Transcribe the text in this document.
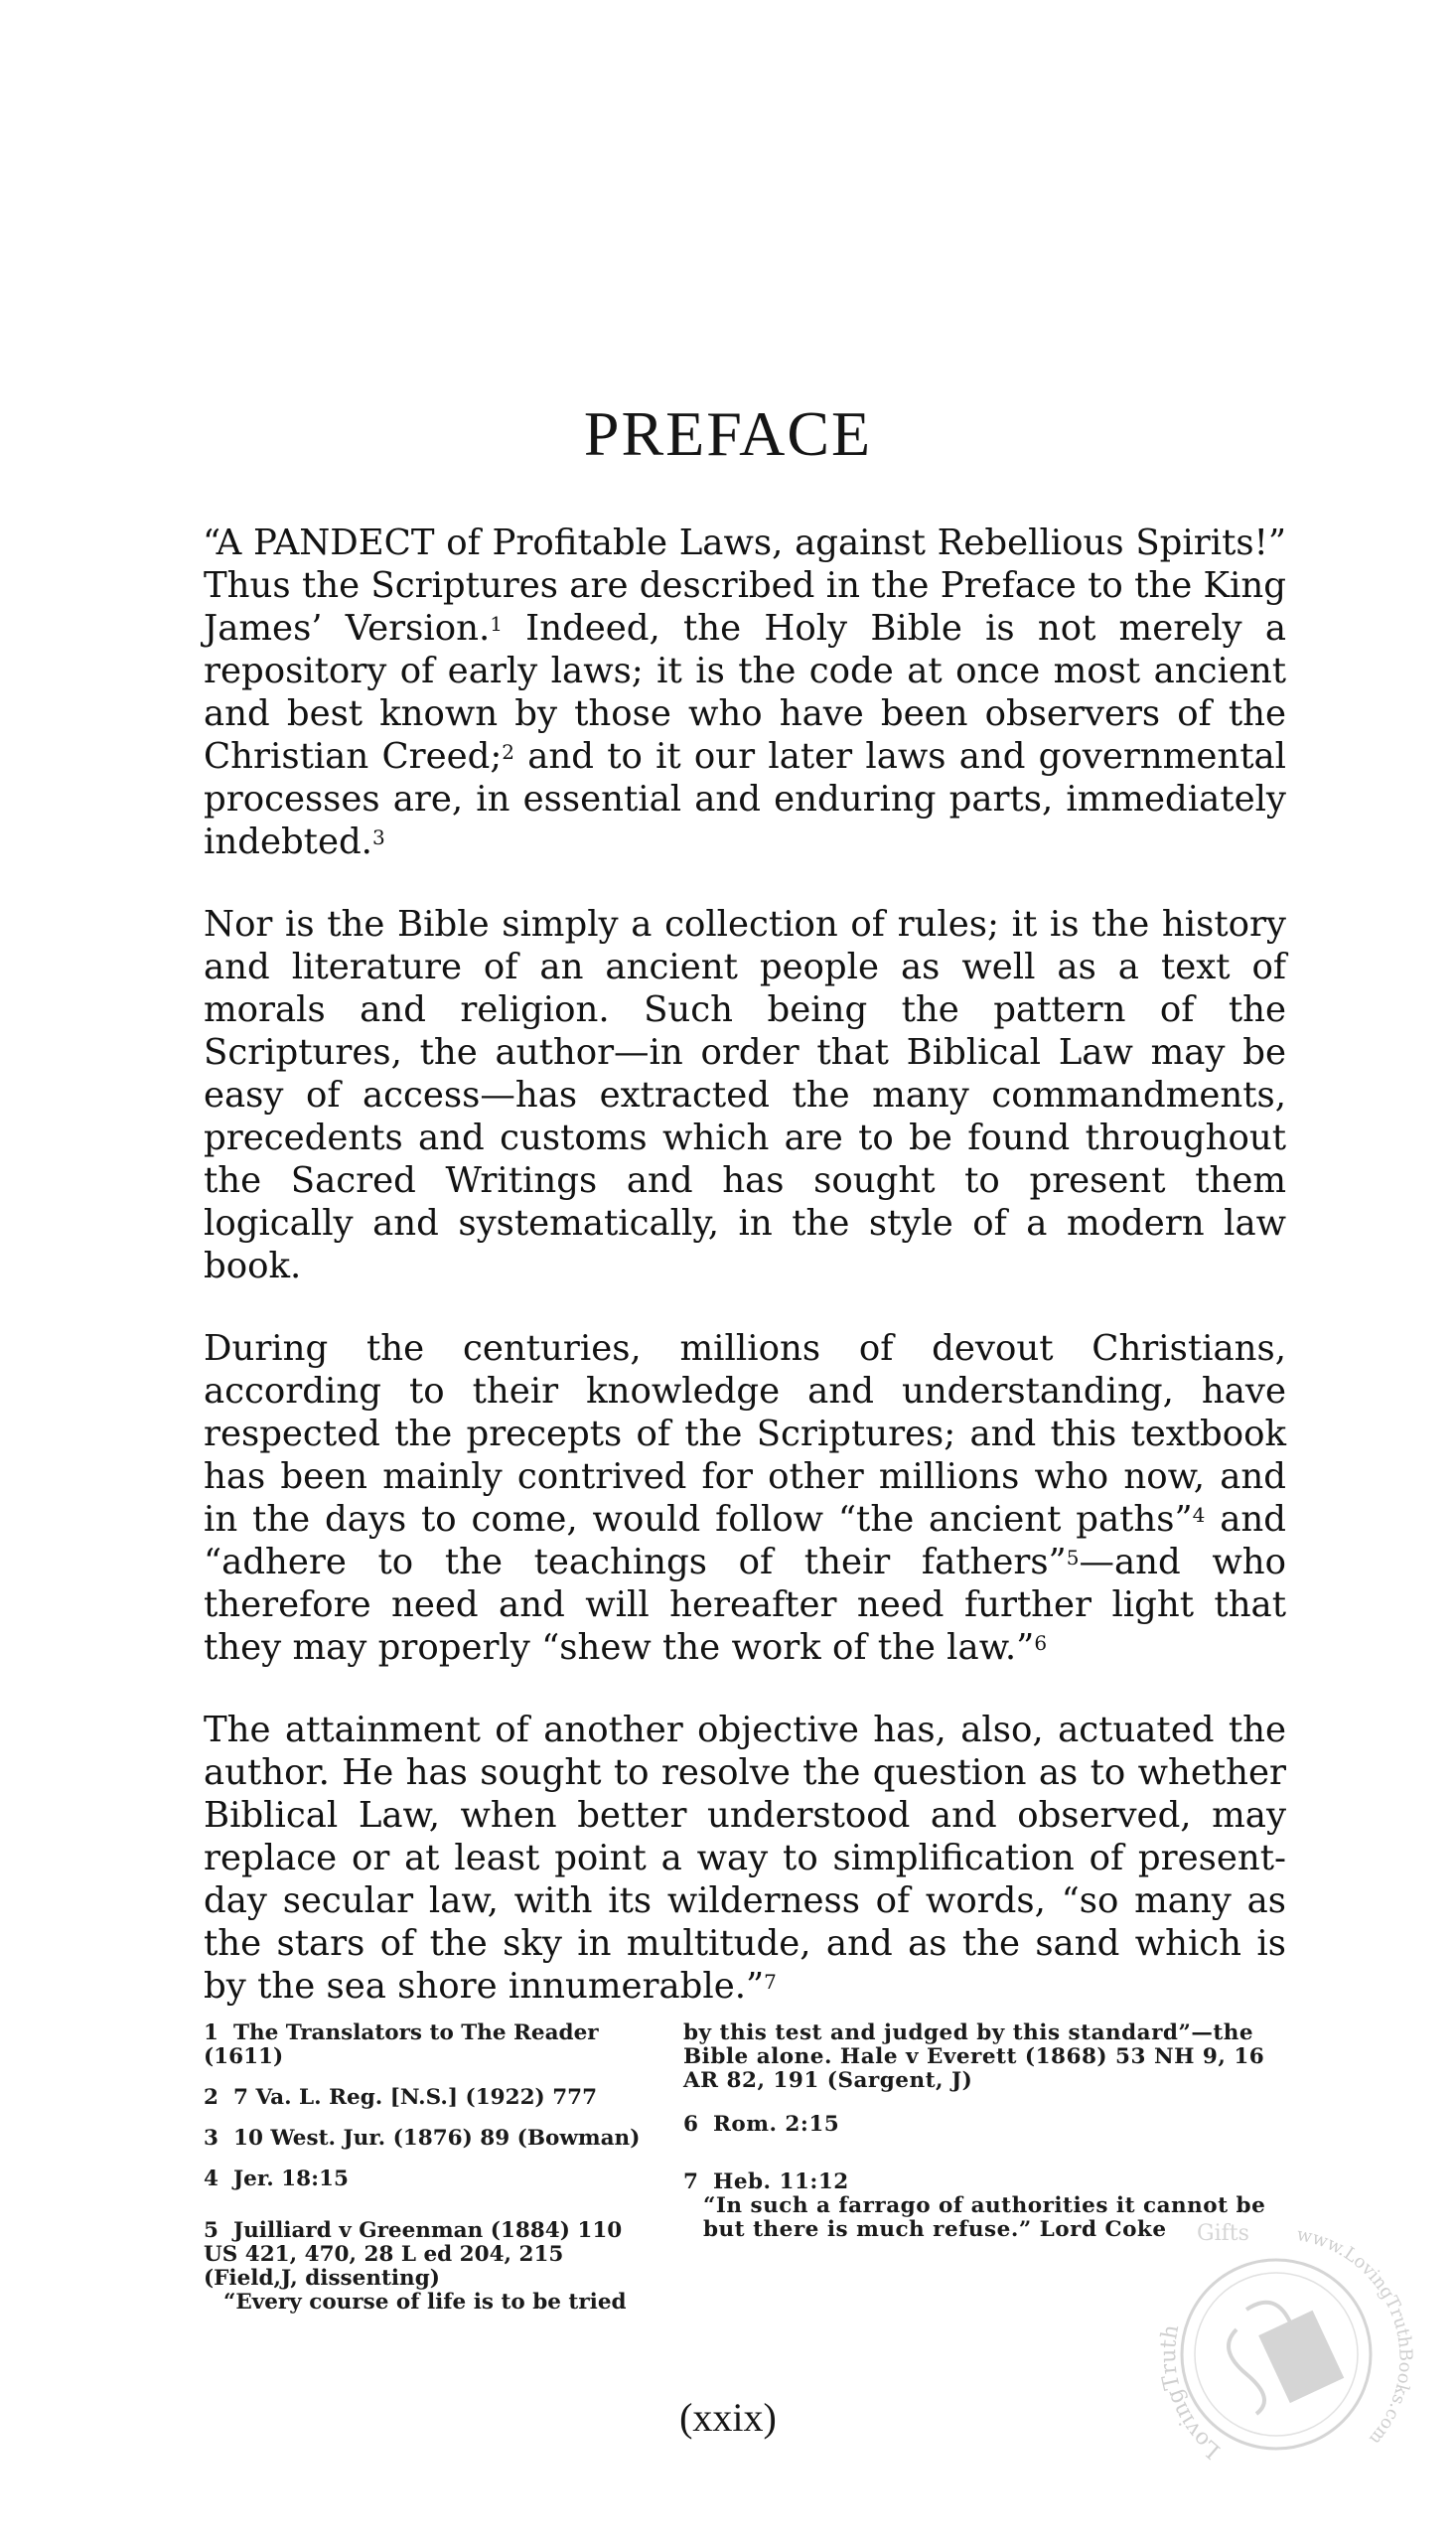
PREFACE

“A PANDECT of Profitable Laws, against Rebellious Spirits!” Thus the Scriptures are described in the Preface to the King James’ Version.$^1$ Indeed, the Holy Bible is not merely a repository of early laws; it is the code at once most ancient and best known by those who have been observers of the Christian Creed;$^2$ and to it our later laws and governmental processes are, in essential and enduring parts, immediately indebted.$^3$

Nor is the Bible simply a collection of rules; it is the history and literature of an ancient people as well as a text of morals and religion. Such being the pattern of the Scriptures, the author—in order that Biblical Law may be easy of access—has extracted the many commandments, precedents and customs which are to be found throughout the Sacred Writings and has sought to present them logically and systematically, in the style of a modern law book.

During the centuries, millions of devout Christians, according to their knowledge and understanding, have respected the precepts of the Scriptures; and this textbook has been mainly contrived for other millions who now, and in the days to come, would follow “the ancient paths”$^4$ and “adhere to the teachings of their fathers”$^5$—and who therefore need and will hereafter need further light that they may properly “shew the work of the law.”$^6$

The attainment of another objective has, also, actuated the author. He has sought to resolve the question as to whether Biblical Law, when better understood and observed, may replace or at least point a way to simplification of present-day secular law, with its wilderness of words, “so many as the stars of the sky in multitude, and as the sand which is by the sea shore innumerable.”$^7$

1 The Translators to The Reader (1611)
2 7 Va. L. Reg. [N.S.] (1922) 777
3 10 West. Jur. (1876) 89 (Bowman)
4 Jer. 18:15
5 Juilliard v Greenman (1884) 110 US 421, 470, 28 L ed 204, 215 (Field,J, dissenting)
“Every course of life is to be tried
by this test and judged by this standard”—the Bible alone. Hale v Everett (1868) 53 NH 9, 16 AR 82, 191 (Sargent, J)
6 Rom. 2:15
7 Heb. 11:12
“In such a farrago of authorities it cannot be but there is much refuse.” Lord Coke
(xxix)
LovingTruth
www.LovingTruthBooks.com
Gifts
